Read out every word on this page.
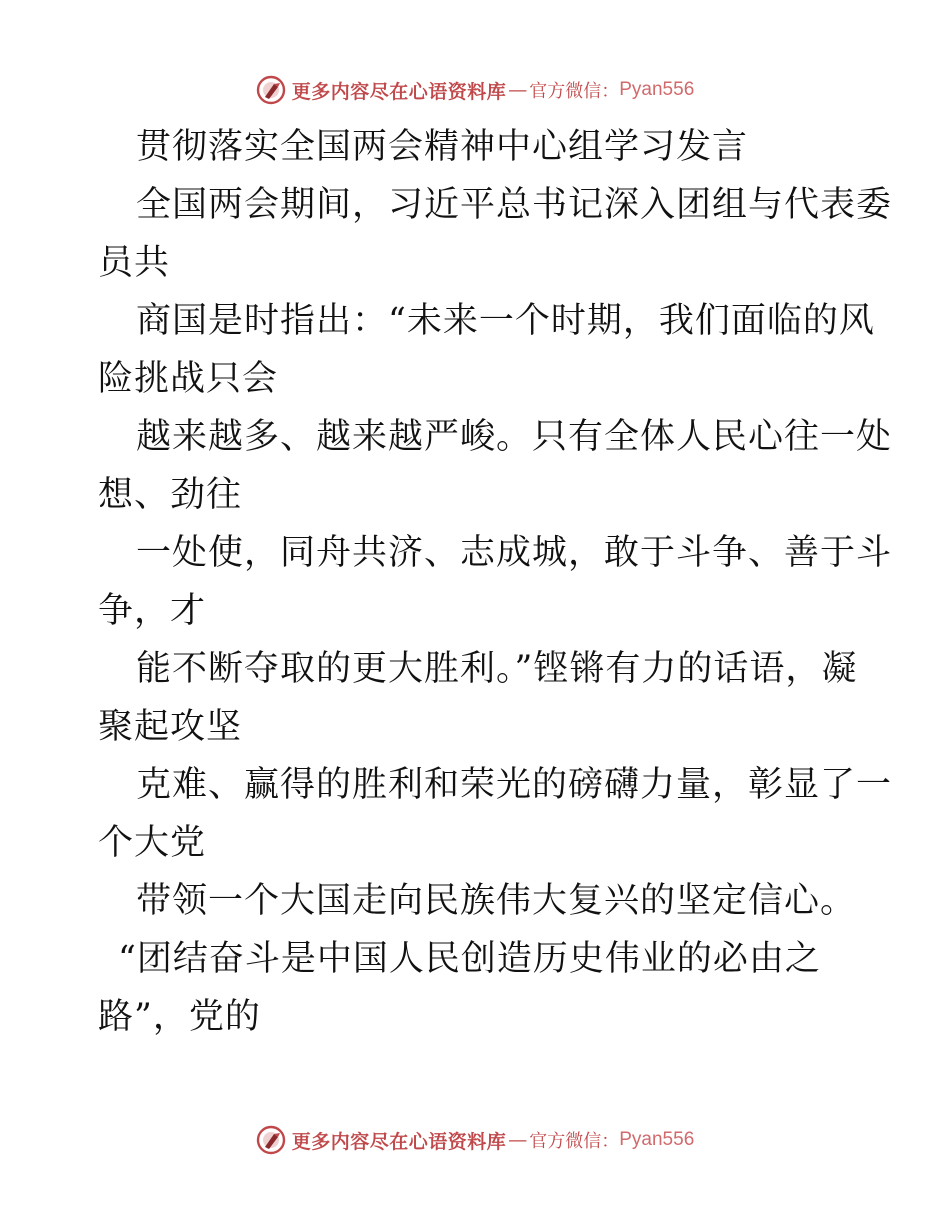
更多内容尽在心语资料库 — 官方微信： Pyan556
贯彻落实全国两会精神中心组学习发言
全国两会期间，习近平总书记深入团组与代表委
员共
商国是时指出：“未来一个时期，我们面临的风
险挑战只会
越来越多、越来越严峻。只有全体人民心往一处
想、劲往
一处使，同舟共济、志成城，敢于斗争、善于斗
争，才
能不断夺取的更大胜利。”铿锵有力的话语，凝
聚起攻坚
克难、赢得的胜利和荣光的磅礴力量，彰显了一
个大党
带领一个大国走向民族伟大复兴的坚定信心。
“团结奋斗是中国人民创造历史伟业的必由之
路”，党的
更多内容尽在心语资料库 — 官方微信： Pyan556
